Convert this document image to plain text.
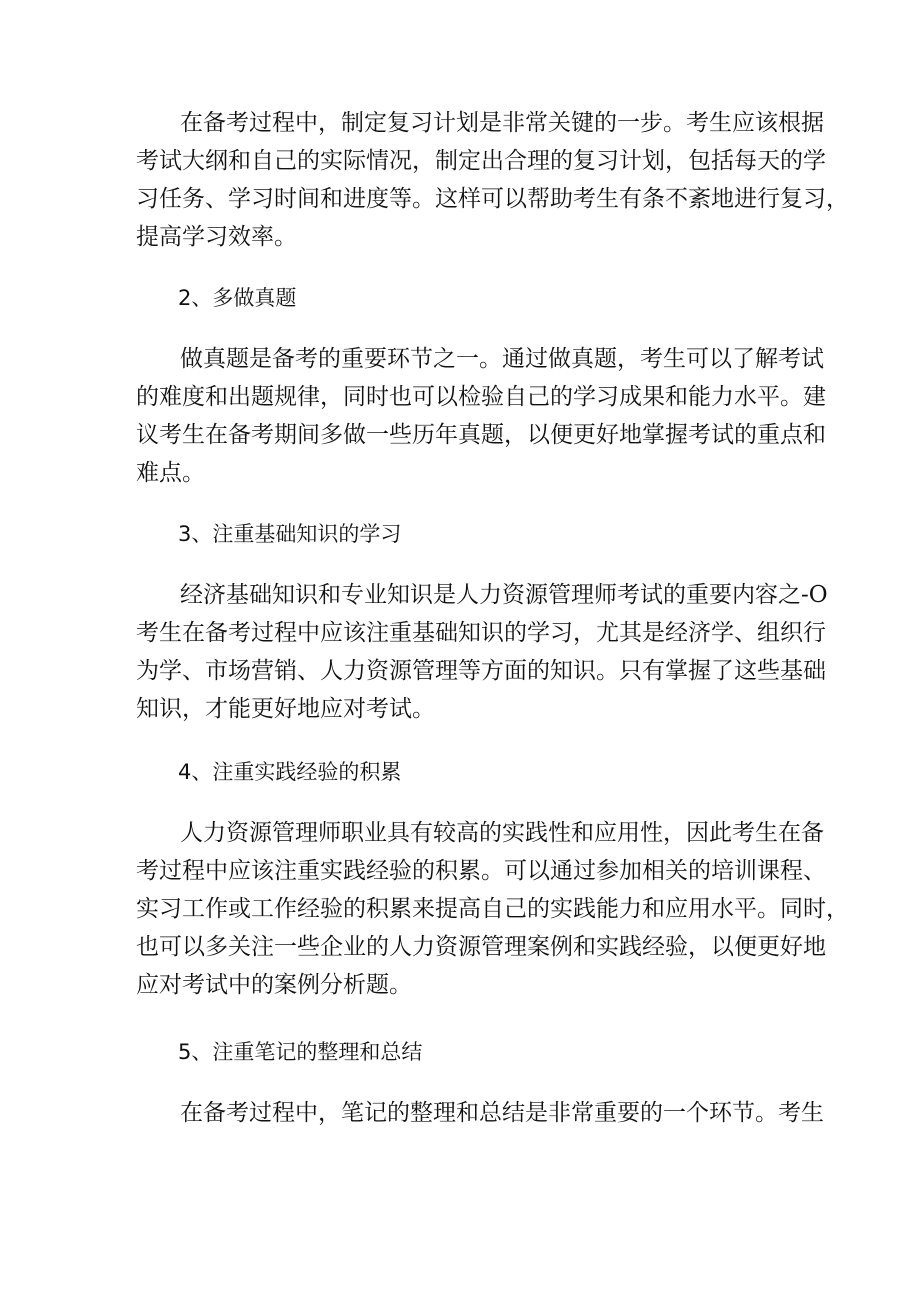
在备考过程中，制定复习计划是非常关键的一步。考生应该根据
考试大纲和自己的实际情况，制定出合理的复习计划，包括每天的学
习任务、学习时间和进度等。这样可以帮助考生有条不紊地进行复习，
提高学习效率。
2、多做真题
做真题是备考的重要环节之一。通过做真题，考生可以了解考试
的难度和出题规律，同时也可以检验自己的学习成果和能力水平。建
议考生在备考期间多做一些历年真题，以便更好地掌握考试的重点和
难点。
3、注重基础知识的学习
经济基础知识和专业知识是人力资源管理师考试的重要内容之-O
考生在备考过程中应该注重基础知识的学习，尤其是经济学、组织行
为学、市场营销、人力资源管理等方面的知识。只有掌握了这些基础
知识，才能更好地应对考试。
4、注重实践经验的积累
人力资源管理师职业具有较高的实践性和应用性，因此考生在备
考过程中应该注重实践经验的积累。可以通过参加相关的培训课程、
实习工作或工作经验的积累来提高自己的实践能力和应用水平。同时，
也可以多关注一些企业的人力资源管理案例和实践经验，以便更好地
应对考试中的案例分析题。
5、注重笔记的整理和总结
在备考过程中，笔记的整理和总结是非常重要的一个环节。考生
